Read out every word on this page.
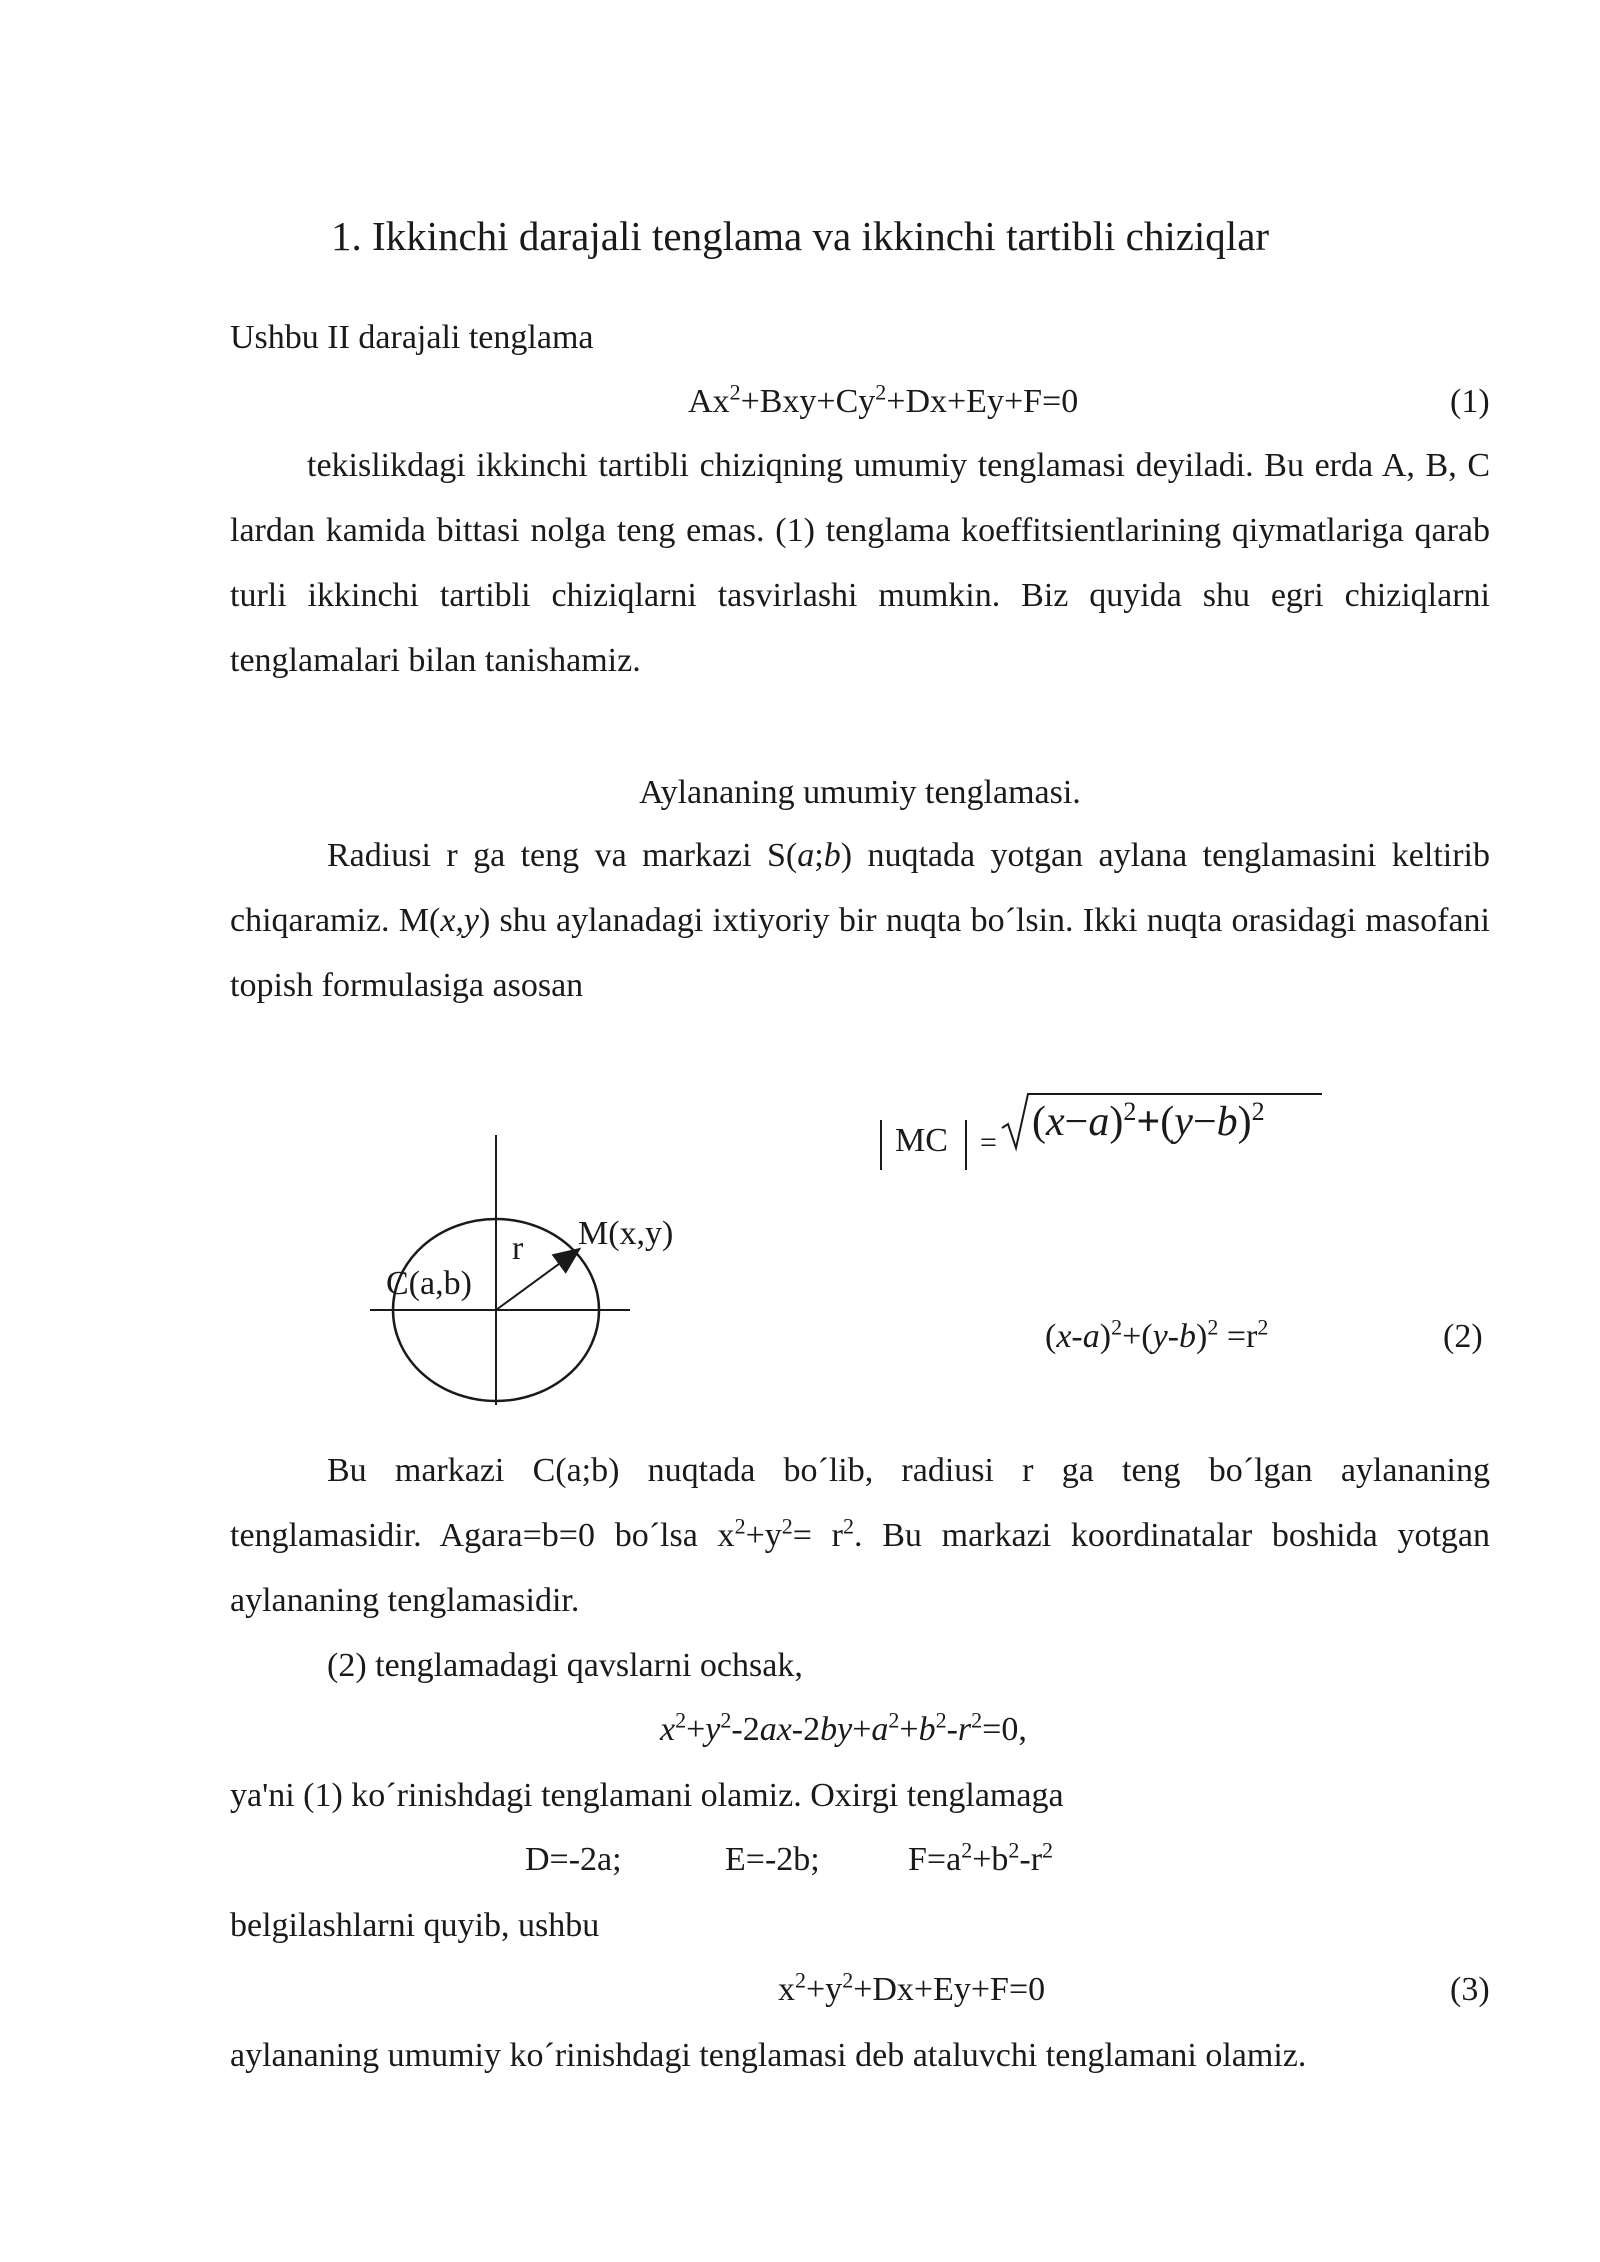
1. Ikkinchi darajali tenglama va ikkinchi tartibli chiziqlar
Ushbu II darajali tenglama
$Ax^2+Bxy+Cy^2+Dx+Ey+F=0$	(1)
tekislikdagi ikkinchi tartibli chiziqning umumiy tenglamasi deyiladi. Bu erda A, B, C lardan kamida bittasi nolga teng emas. (1) tenglama koeffitsientlarining qiymatlariga qarab turli ikkinchi tartibli chiziqlarni tasvirlashi mumkin. Biz quyida shu egri chiziqlarni tenglamalari bilan tanishamiz.
Aylananing umumiy tenglamasi.
Radiusi r ga teng va markazi S(a;b) nuqtada yotgan aylana tenglamasini keltirib chiqaramiz. M(x,y) shu aylanadagi ixtiyoriy bir nuqta bo´lsin. Ikki nuqta orasidagi masofani topish formulasiga asosan
C(a,b)
r M(x,y)
MC = $(x-a)^2+(y-b)^2$
$(x-a)^2+(y-b)^2 =r^2$	(2)
Bu markazi C(a;b) nuqtada bo´lib, radiusi r ga teng bo´lgan aylananing tenglamasidir. Agara=b=0 bo´lsa $x^2+y^2= r^2$. Bu markazi koordinatalar boshida yotgan aylananing tenglamasidir.
(2) tenglamadagi qavslarni ochsak,
$x^2+y^2-2ax-2by+a^2+b^2-r^2=0$,
ya'ni (1) ko´rinishdagi tenglamani olamiz. Oxirgi tenglamaga
D=-2a;	E=-2b;	$F=a^2+b^2-r^2$
belgilashlarni quyib, ushbu
$x^2+y^2+Dx+Ey+F=0$	(3)
aylananing umumiy ko´rinishdagi tenglamasi deb ataluvchi tenglamani olamiz.
